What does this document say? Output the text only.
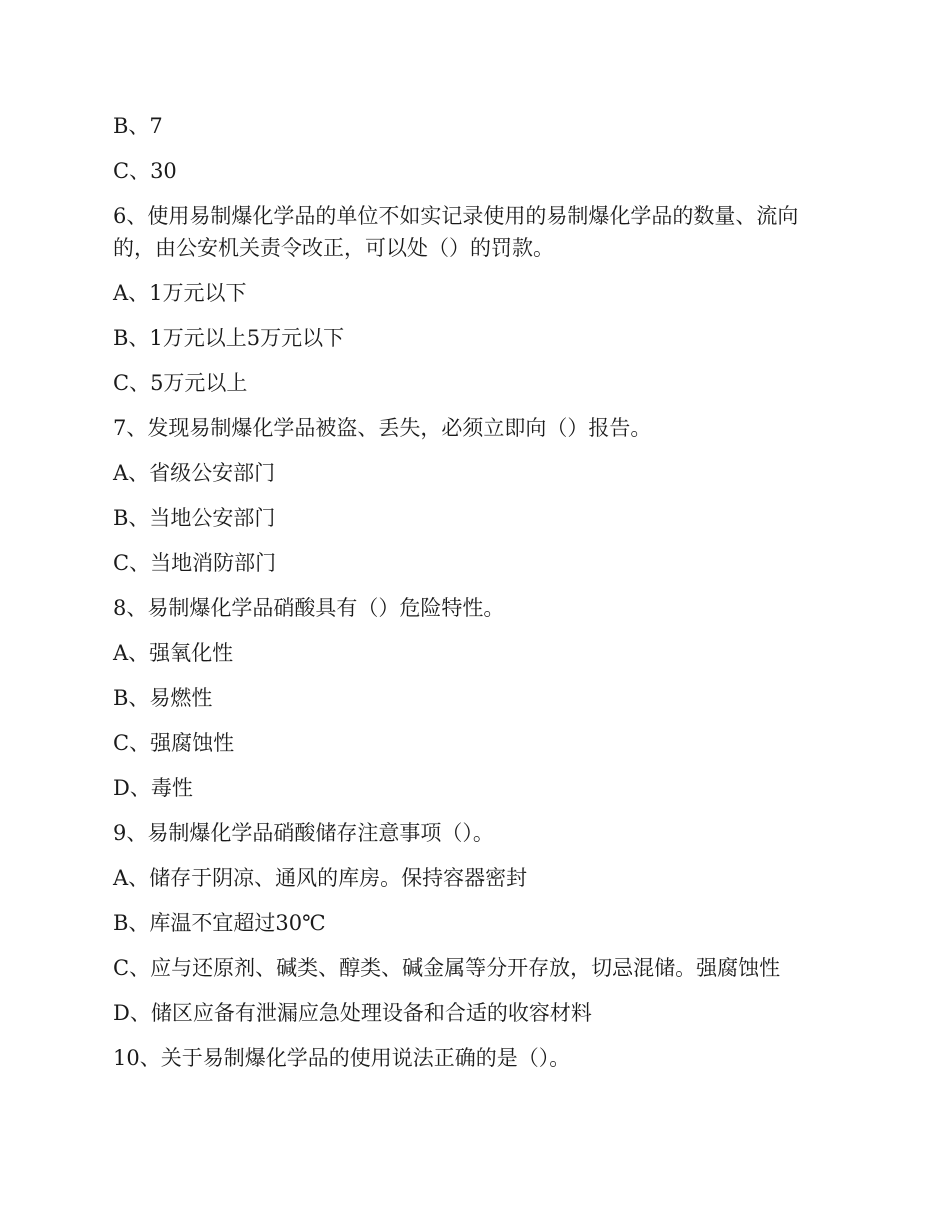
B、7

C、30

6、使用易制爆化学品的单位不如实记录使用的易制爆化学品的数量、流向的，由公安机关责令改正，可以处（）的罚款。

A、1万元以下

B、1万元以上5万元以下

C、5万元以上

7、发现易制爆化学品被盗、丢失，必须立即向（）报告。

A、省级公安部门

B、当地公安部门

C、当地消防部门

8、易制爆化学品硝酸具有（）危险特性。

A、强氧化性

B、易燃性

C、强腐蚀性

D、毒性

9、易制爆化学品硝酸储存注意事项（）。

A、储存于阴凉、通风的库房。保持容器密封

B、库温不宜超过30℃

C、应与还原剂、碱类、醇类、碱金属等分开存放，切忌混储。强腐蚀性

D、储区应备有泄漏应急处理设备和合适的收容材料

10、关于易制爆化学品的使用说法正确的是（）。
